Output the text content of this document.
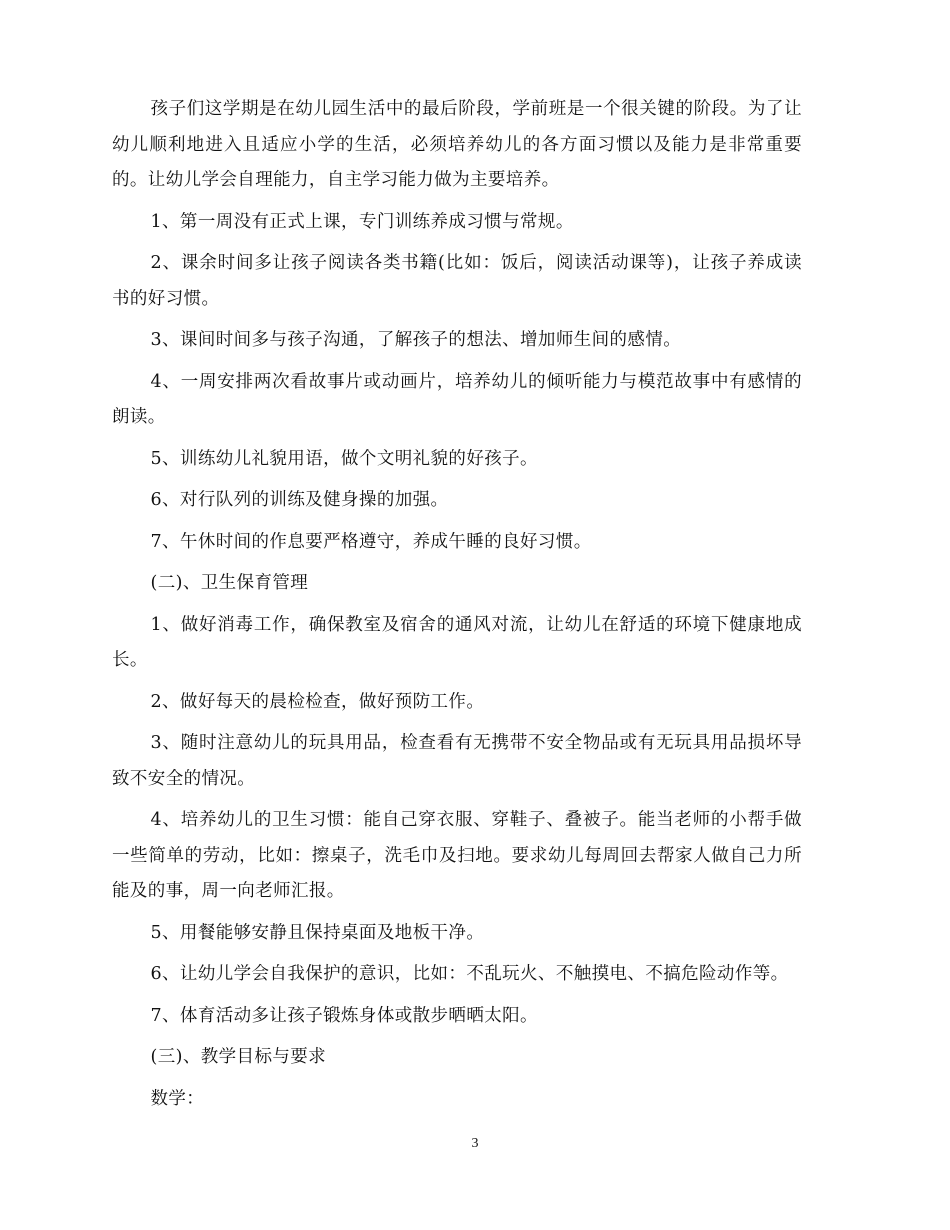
孩子们这学期是在幼儿园生活中的最后阶段，学前班是一个很关键的阶段。为了让幼儿顺利地进入且适应小学的生活，必须培养幼儿的各方面习惯以及能力是非常重要的。让幼儿学会自理能力，自主学习能力做为主要培养。

1、第一周没有正式上课，专门训练养成习惯与常规。

2、课余时间多让孩子阅读各类书籍(比如：饭后，阅读活动课等)，让孩子养成读书的好习惯。

3、课间时间多与孩子沟通，了解孩子的想法、增加师生间的感情。

4、一周安排两次看故事片或动画片，培养幼儿的倾听能力与模范故事中有感情的朗读。

5、训练幼儿礼貌用语，做个文明礼貌的好孩子。

6、对行队列的训练及健身操的加强。

7、午休时间的作息要严格遵守，养成午睡的良好习惯。

(二)、卫生保育管理

1、做好消毒工作，确保教室及宿舍的通风对流，让幼儿在舒适的环境下健康地成长。

2、做好每天的晨检检查，做好预防工作。

3、随时注意幼儿的玩具用品，检查看有无携带不安全物品或有无玩具用品损坏导致不安全的情况。

4、培养幼儿的卫生习惯：能自己穿衣服、穿鞋子、叠被子。能当老师的小帮手做一些简单的劳动，比如：擦桌子，洗毛巾及扫地。要求幼儿每周回去帮家人做自己力所能及的事，周一向老师汇报。

5、用餐能够安静且保持桌面及地板干净。

6、让幼儿学会自我保护的意识，比如：不乱玩火、不触摸电、不搞危险动作等。

7、体育活动多让孩子锻炼身体或散步晒晒太阳。

(三)、教学目标与要求

数学：

3
